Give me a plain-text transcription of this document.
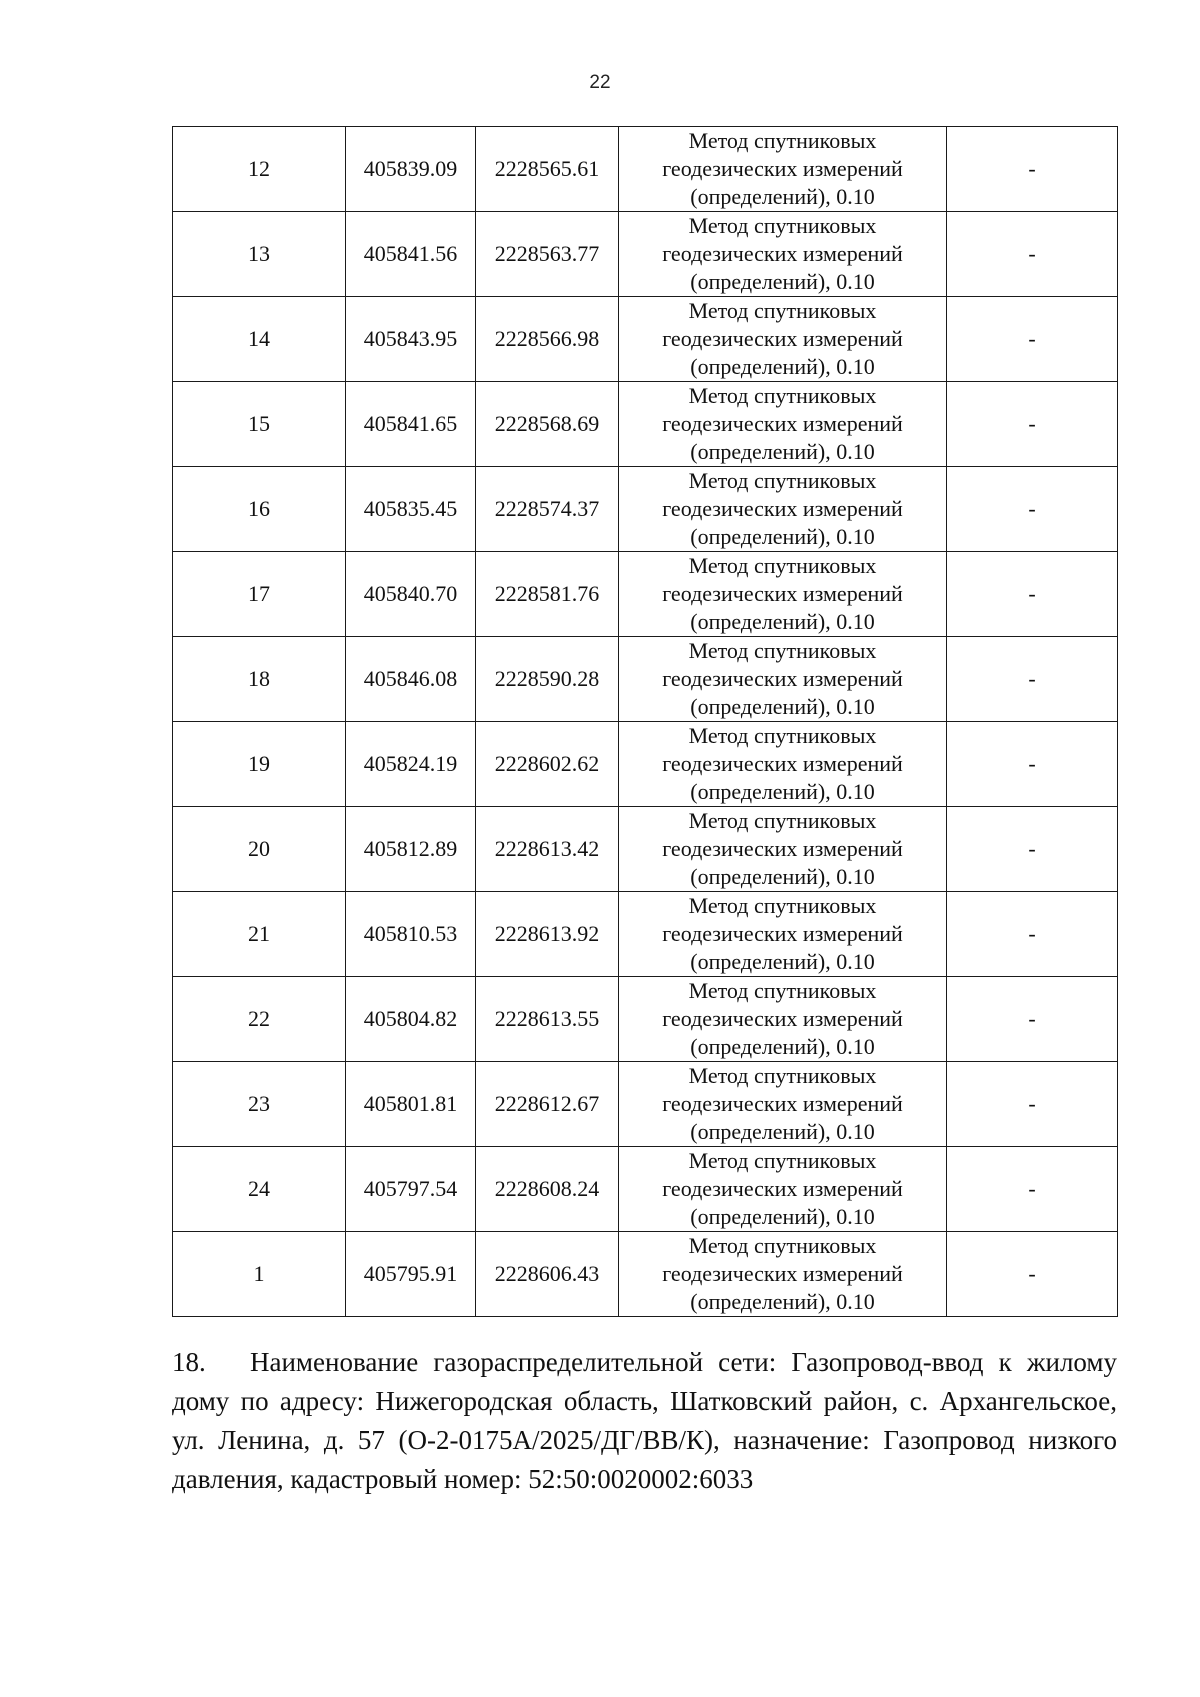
22
12	405839.09	2228565.61	Метод спутниковых
геодезических измерений
(определений), 0.10	-
13	405841.56	2228563.77	Метод спутниковых
геодезических измерений
(определений), 0.10	-
14	405843.95	2228566.98	Метод спутниковых
геодезических измерений
(определений), 0.10	-
15	405841.65	2228568.69	Метод спутниковых
геодезических измерений
(определений), 0.10	-
16	405835.45	2228574.37	Метод спутниковых
геодезических измерений
(определений), 0.10	-
17	405840.70	2228581.76	Метод спутниковых
геодезических измерений
(определений), 0.10	-
18	405846.08	2228590.28	Метод спутниковых
геодезических измерений
(определений), 0.10	-
19	405824.19	2228602.62	Метод спутниковых
геодезических измерений
(определений), 0.10	-
20	405812.89	2228613.42	Метод спутниковых
геодезических измерений
(определений), 0.10	-
21	405810.53	2228613.92	Метод спутниковых
геодезических измерений
(определений), 0.10	-
22	405804.82	2228613.55	Метод спутниковых
геодезических измерений
(определений), 0.10	-
23	405801.81	2228612.67	Метод спутниковых
геодезических измерений
(определений), 0.10	-
24	405797.54	2228608.24	Метод спутниковых
геодезических измерений
(определений), 0.10	-
1	405795.91	2228606.43	Метод спутниковых
геодезических измерений
(определений), 0.10	-
18. Наименование газораспределительной сети: Газопровод-ввод к жилому дому по адресу: Нижегородская область, Шатковский район, с. Архангельское, ул. Ленина, д. 57 (О-2-0175А/2025/ДГ/ВВ/К), назначение: Газопровод низкого давления, кадастровый номер: 52:50:0020002:6033
